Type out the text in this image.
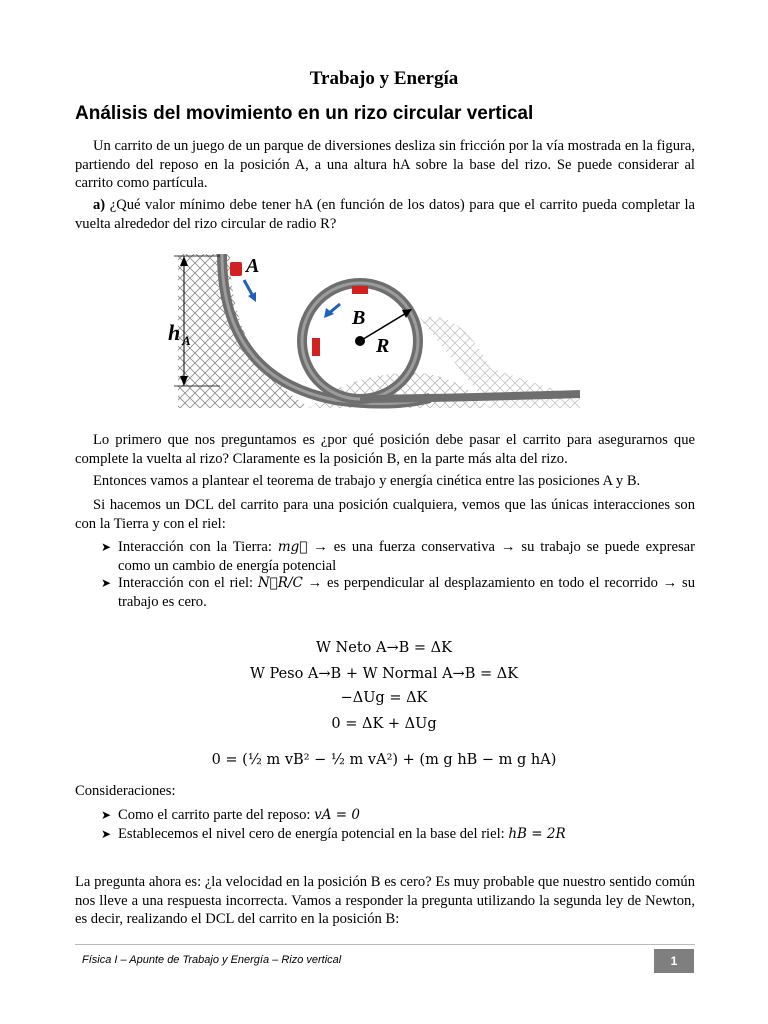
Trabajo y Energía
Análisis del movimiento en un rizo circular vertical
Un carrito de un juego de un parque de diversiones desliza sin fricción por la vía mostrada en la figura, partiendo del reposo en la posición A, a una altura hA sobre la base del rizo. Se puede considerar al carrito como partícula.
a) ¿Qué valor mínimo debe tener hA (en función de los datos) para que el carrito pueda completar la vuelta alrededor del rizo circular de radio R?
A
B
R
h A
Lo primero que nos preguntamos es ¿por qué posición debe pasar el carrito para asegurarnos que complete la vuelta al rizo? Claramente es la posición B, en la parte más alta del rizo.
Entonces vamos a plantear el teorema de trabajo y energía cinética entre las posiciones A y B.
Si hacemos un DCL del carrito para una posición cualquiera, vemos que las únicas interacciones son con la Tierra y con el riel:
➤ Interacción con la Tierra: mg⃗ → es una fuerza conservativa → su trabajo se puede expresar como un cambio de energía potencial
➤ Interacción con el riel: N⃗R/C → es perpendicular al desplazamiento en todo el recorrido → su trabajo es cero.
W Neto A→B = ΔK
W Peso A→B + W Normal A→B = ΔK
−ΔUg = ΔK
0 = ΔK + ΔUg
0 = (½ m vB² − ½ m vA²) + (m g hB − m g hA)
Consideraciones:
➤ Como el carrito parte del reposo: vA = 0
➤ Establecemos el nivel cero de energía potencial en la base del riel: hB = 2R
La pregunta ahora es: ¿la velocidad en la posición B es cero? Es muy probable que nuestro sentido común nos lleve a una respuesta incorrecta. Vamos a responder la pregunta utilizando la segunda ley de Newton, es decir, realizando el DCL del carrito en la posición B:
Física I – Apunte de Trabajo y Energía – Rizo vertical	1
